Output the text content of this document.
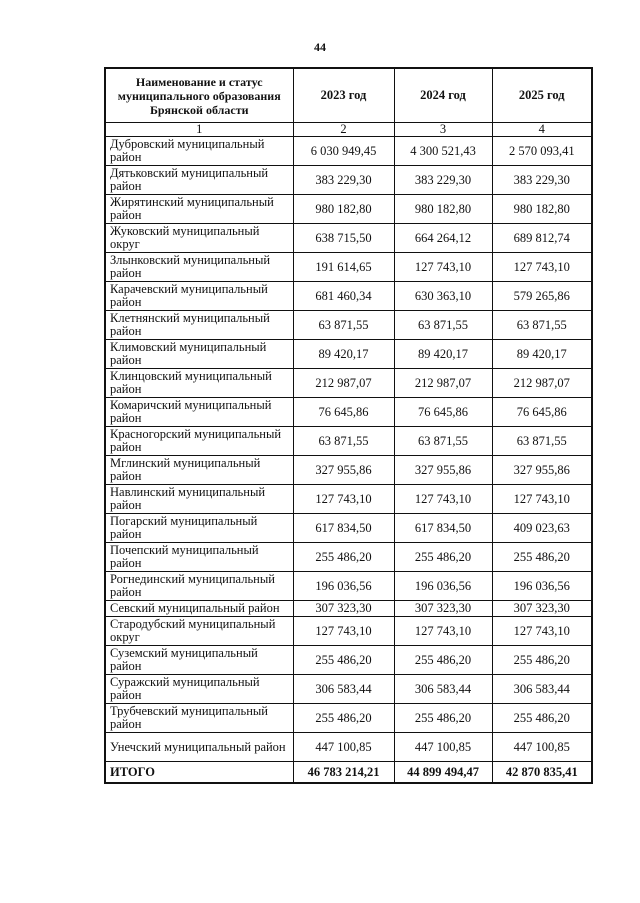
44
Наименование и статус муниципального образования Брянской области	2023 год	2024 год	2025 год
1	2	3	4
Дубровский муниципальный район	6 030 949,45	4 300 521,43	2 570 093,41
Дятьковский муниципальный район	383 229,30	383 229,30	383 229,30
Жирятинский муниципальный район	980 182,80	980 182,80	980 182,80
Жуковский муниципальный округ	638 715,50	664 264,12	689 812,74
Злынковский муниципальный район	191 614,65	127 743,10	127 743,10
Карачевский муниципальный район	681 460,34	630 363,10	579 265,86
Клетнянский муниципальный район	63 871,55	63 871,55	63 871,55
Климовский муниципальный район	89 420,17	89 420,17	89 420,17
Клинцовский муниципальный район	212 987,07	212 987,07	212 987,07
Комаричский муниципальный район	76 645,86	76 645,86	76 645,86
Красногорский муниципальный район	63 871,55	63 871,55	63 871,55
Мглинский муниципальный район	327 955,86	327 955,86	327 955,86
Навлинский муниципальный район	127 743,10	127 743,10	127 743,10
Погарский муниципальный район	617 834,50	617 834,50	409 023,63
Почепский муниципальный район	255 486,20	255 486,20	255 486,20
Рогнединский муниципальный район	196 036,56	196 036,56	196 036,56
Севский муниципальный район	307 323,30	307 323,30	307 323,30
Стародубский муниципальный округ	127 743,10	127 743,10	127 743,10
Суземский муниципальный район	255 486,20	255 486,20	255 486,20
Суражский муниципальный район	306 583,44	306 583,44	306 583,44
Трубчевский муниципальный район	255 486,20	255 486,20	255 486,20
Унечский муниципальный район	447 100,85	447 100,85	447 100,85
ИТОГО	46 783 214,21	44 899 494,47	42 870 835,41
